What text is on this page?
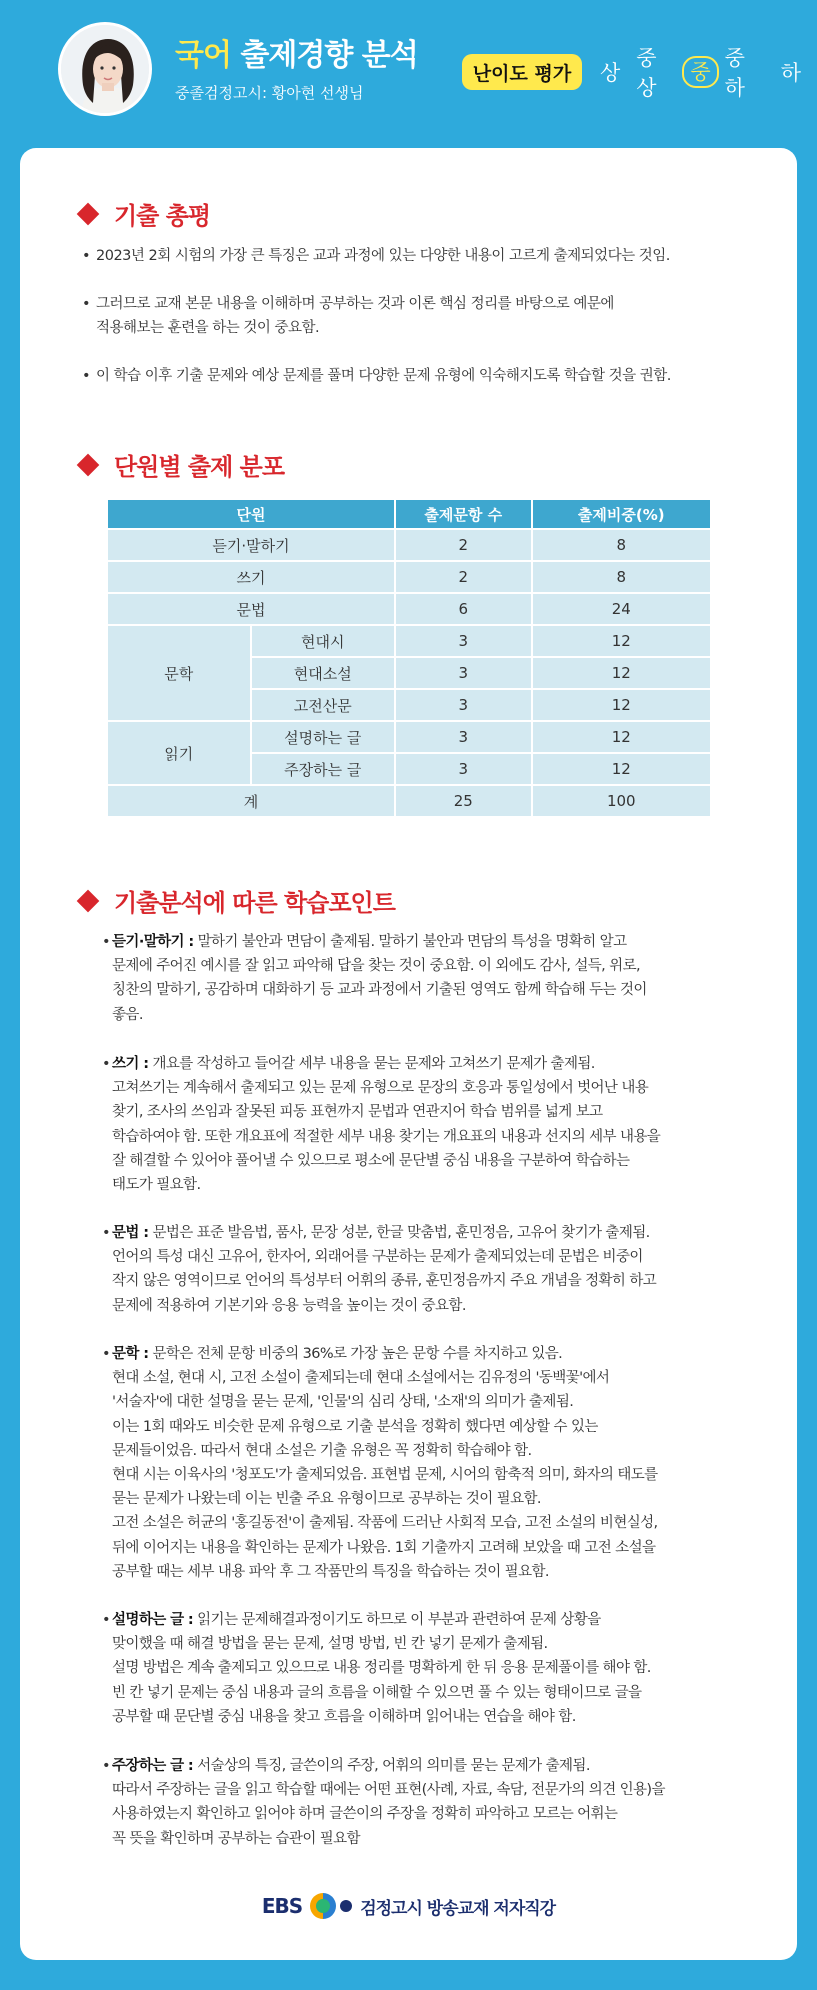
국어 출제경향 분석
중졸검정고시: 황아현 선생님
난이도 평가	상
중상
중
중하
하
기출 총평
• 2023년 2회 시험의 가장 큰 특징은 교과 과정에 있는 다양한 내용이 고르게 출제되었다는 것임.
• 그러므로 교재 본문 내용을 이해하며 공부하는 것과 이론 핵심 정리를 바탕으로 예문에
적용해보는 훈련을 하는 것이 중요함.
• 이 학습 이후 기출 문제와 예상 문제를 풀며 다양한 문제 유형에 익숙해지도록 학습할 것을 권함.
단원별 출제 분포
단원		출제문항 수	출제비중(%)
듣기·말하기		2	8
쓰기		2	8
문법		6	24
문학	현대시	3	12
	현대소설	3	12
	고전산문	3	12
읽기	설명하는 글	3	12
	주장하는 글	3	12
계		25	100
기출분석에 따른 학습포인트
• 듣기·말하기 : 말하기 불안과 면담이 출제됨. 말하기 불안과 면담의 특성을 명확히 알고
문제에 주어진 예시를 잘 읽고 파악해 답을 찾는 것이 중요함. 이 외에도 감사, 설득, 위로,
칭찬의 말하기, 공감하며 대화하기 등 교과 과정에서 기출된 영역도 함께 학습해 두는 것이
좋음.
• 쓰기 : 개요를 작성하고 들어갈 세부 내용을 묻는 문제와 고쳐쓰기 문제가 출제됨.
고쳐쓰기는 계속해서 출제되고 있는 문제 유형으로 문장의 호응과 통일성에서 벗어난 내용
찾기, 조사의 쓰임과 잘못된 피동 표현까지 문법과 연관지어 학습 범위를 넓게 보고
학습하여야 함. 또한 개요표에 적절한 세부 내용 찾기는 개요표의 내용과 선지의 세부 내용을
잘 해결할 수 있어야 풀어낼 수 있으므로 평소에 문단별 중심 내용을 구분하여 학습하는
태도가 필요함.
• 문법 : 문법은 표준 발음법, 품사, 문장 성분, 한글 맞춤법, 훈민정음, 고유어 찾기가 출제됨.
언어의 특성 대신 고유어, 한자어, 외래어를 구분하는 문제가 출제되었는데 문법은 비중이
작지 않은 영역이므로 언어의 특성부터 어휘의 종류, 훈민정음까지 주요 개념을 정확히 하고
문제에 적용하여 기본기와 응용 능력을 높이는 것이 중요함.
• 문학 : 문학은 전체 문항 비중의 36%로 가장 높은 문항 수를 차지하고 있음.
현대 소설, 현대 시, 고전 소설이 출제되는데 현대 소설에서는 김유정의 '동백꽃'에서
'서술자'에 대한 설명을 묻는 문제, '인물'의 심리 상태, '소재'의 의미가 출제됨.
이는 1회 때와도 비슷한 문제 유형으로 기출 분석을 정확히 했다면 예상할 수 있는
문제들이었음. 따라서 현대 소설은 기출 유형은 꼭 정확히 학습해야 함.
현대 시는 이육사의 '청포도'가 출제되었음. 표현법 문제, 시어의 함축적 의미, 화자의 태도를
묻는 문제가 나왔는데 이는 빈출 주요 유형이므로 공부하는 것이 필요함.
고전 소설은 허균의 '홍길동전'이 출제됨. 작품에 드러난 사회적 모습, 고전 소설의 비현실성,
뒤에 이어지는 내용을 확인하는 문제가 나왔음. 1회 기출까지 고려해 보았을 때 고전 소설을
공부할 때는 세부 내용 파악 후 그 작품만의 특징을 학습하는 것이 필요함.
• 설명하는 글 : 읽기는 문제해결과정이기도 하므로 이 부분과 관련하여 문제 상황을
맞이했을 때 해결 방법을 묻는 문제, 설명 방법, 빈 칸 넣기 문제가 출제됨.
설명 방법은 계속 출제되고 있으므로 내용 정리를 명확하게 한 뒤 응용 문제풀이를 해야 함.
빈 칸 넣기 문제는 중심 내용과 글의 흐름을 이해할 수 있으면 풀 수 있는 형태이므로 글을
공부할 때 문단별 중심 내용을 찾고 흐름을 이해하며 읽어내는 연습을 해야 함.
• 주장하는 글 : 서술상의 특징, 글쓴이의 주장, 어휘의 의미를 묻는 문제가 출제됨.
따라서 주장하는 글을 읽고 학습할 때에는 어떤 표현(사례, 자료, 속담, 전문가의 의견 인용)을
사용하였는지 확인하고 읽어야 하며 글쓴이의 주장을 정확히 파악하고 모르는 어휘는
꼭 뜻을 확인하며 공부하는 습관이 필요함
EBS	검정고시 방송교재 저자직강
